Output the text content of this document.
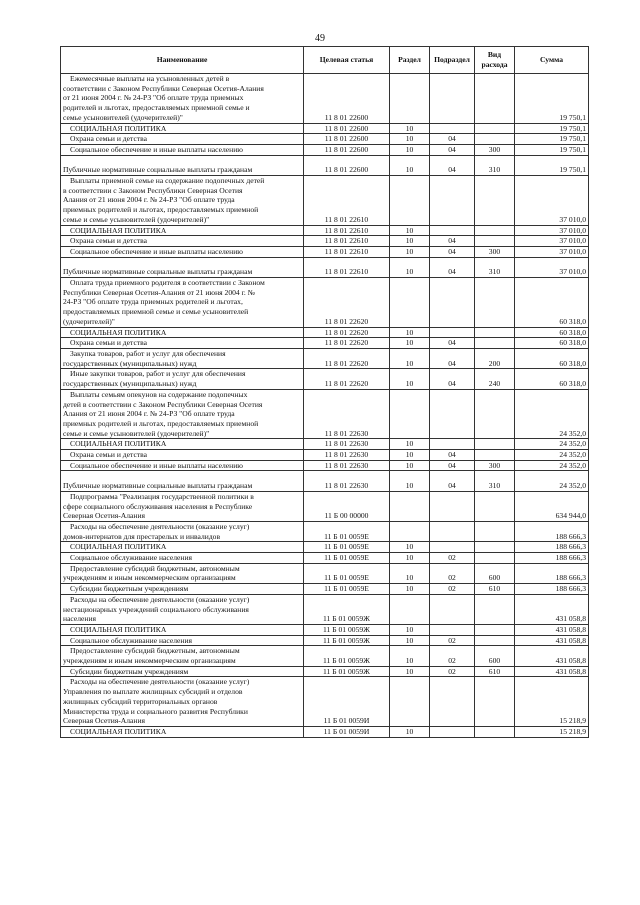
49
Наименование	Целевая статья	Раздел	Подраздел	Вид расхода	Сумма

Ежемесячные выплаты на усыновленных детей в
соответствии с Законом Республики Северная Осетия-Алания
от 21 июня 2004 г. № 24-РЗ "Об оплате труда приемных
родителей и льготах, предоставляемых приемной семье и
семье усыновителей (удочерителей)"	11 8 01 22600				19 750,1

СОЦИАЛЬНАЯ ПОЛИТИКА	11 8 01 22600	10			19 750,1

Охрана семьи и детства	11 8 01 22600	10	04		19 750,1

Социальное обеспечение и иные выплаты населению	11 8 01 22600	10	04	300	19 750,1

Публичные нормативные социальные выплаты гражданам	11 8 01 22600	10	04	310	19 750,1

Выплаты приемной семье на содержание подопечных детей
в соответствии с Законом Республики Северная Осетия
Алания от 21 июня 2004 г. № 24-РЗ "Об оплате труда
приемных родителей и льготах, предоставляемых приемной
семье и семье усыновителей (удочерителей)"	11 8 01 22610				37 010,0

СОЦИАЛЬНАЯ ПОЛИТИКА	11 8 01 22610	10			37 010,0

Охрана семьи и детства	11 8 01 22610	10	04		37 010,0

Социальное обеспечение и иные выплаты населению	11 8 01 22610	10	04	300	37 010,0

Публичные нормативные социальные выплаты гражданам	11 8 01 22610	10	04	310	37 010,0

Оплата труда приемного родителя в соответствии с Законом
Республики Северная Осетия-Алания от 21 июня 2004 г. №
24-РЗ "Об оплате труда приемных родителей и льготах,
предоставляемых приемной семье и семье усыновителей
(удочерителей)"	11 8 01 22620				60 318,0

СОЦИАЛЬНАЯ ПОЛИТИКА	11 8 01 22620	10			60 318,0

Охрана семьи и детства	11 8 01 22620	10	04		60 318,0

Закупка товаров, работ и услуг для обеспечения
государственных (муниципальных) нужд	11 8 01 22620	10	04	200	60 318,0

Иные закупки товаров, работ и услуг для обеспечения
государственных (муниципальных) нужд	11 8 01 22620	10	04	240	60 318,0

Выплаты семьям опекунов на содержание подопечных
детей в соответствии с Законом Республики Северная Осетия
Алания от 21 июня 2004 г. № 24-РЗ "Об оплате труда
приемных родителей и льготах, предоставляемых приемной
семье и семье усыновителей (удочерителей)"	11 8 01 22630				24 352,0

СОЦИАЛЬНАЯ ПОЛИТИКА	11 8 01 22630	10			24 352,0

Охрана семьи и детства	11 8 01 22630	10	04		24 352,0

Социальное обеспечение и иные выплаты населению	11 8 01 22630	10	04	300	24 352,0

Публичные нормативные социальные выплаты гражданам	11 8 01 22630	10	04	310	24 352,0

Подпрограмма "Реализация государственной политики в
сфере социального обслуживания населения в Республике
Северная Осетия-Алания	11 Б 00 00000				634 944,0

Расходы на обеспечение деятельности (оказание услуг)
домов-интернатов для престарелых и инвалидов	11 Б 01 0059Е				188 666,3

СОЦИАЛЬНАЯ ПОЛИТИКА	11 Б 01 0059Е	10			188 666,3

Социальное обслуживание населения	11 Б 01 0059Е	10	02		188 666,3

Предоставление субсидий бюджетным, автономным
учреждениям и иным некоммерческим организациям	11 Б 01 0059Е	10	02	600	188 666,3

Субсидии бюджетным учреждениям	11 Б 01 0059Е	10	02	610	188 666,3

Расходы на обеспечение деятельности (оказание услуг)
нестационарных учреждений социального обслуживания
населения	11 Б 01 0059Ж				431 058,8

СОЦИАЛЬНАЯ ПОЛИТИКА	11 Б 01 0059Ж	10			431 058,8

Социальное обслуживание населения	11 Б 01 0059Ж	10	02		431 058,8

Предоставление субсидий бюджетным, автономным
учреждениям и иным некоммерческим организациям	11 Б 01 0059Ж	10	02	600	431 058,8

Субсидии бюджетным учреждениям	11 Б 01 0059Ж	10	02	610	431 058,8

Расходы на обеспечение деятельности (оказание услуг)
Управления по выплате жилищных субсидий и отделов
жилищных субсидий территориальных органов
Министерства труда и социального развития Республики
Северная Осетия-Алания	11 Б 01 0059И				15 218,9

СОЦИАЛЬНАЯ ПОЛИТИКА	11 Б 01 0059И	10			15 218,9
